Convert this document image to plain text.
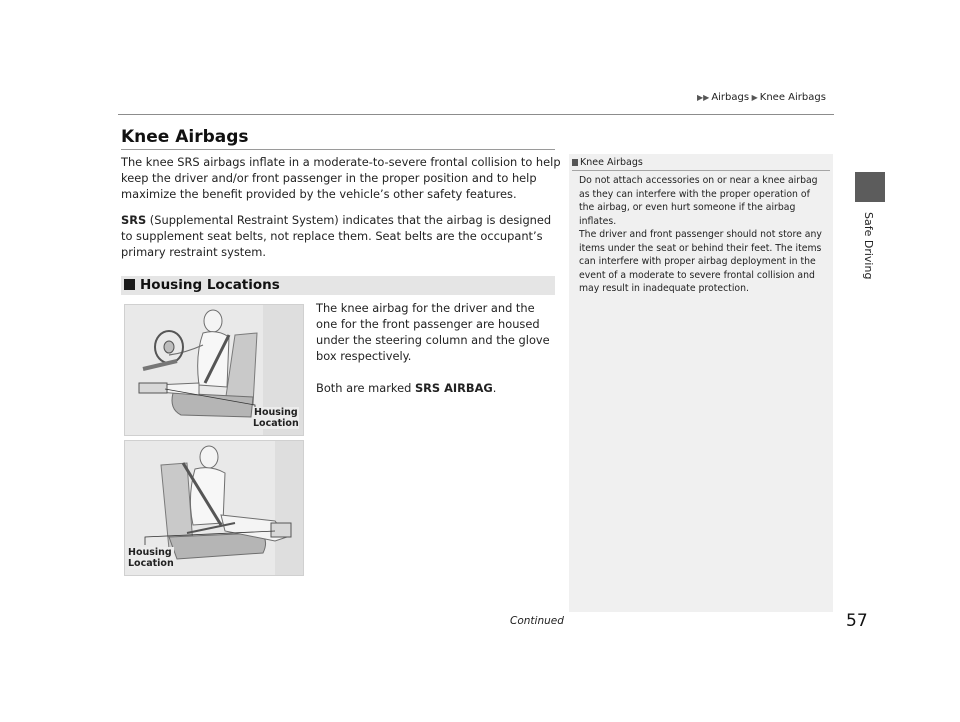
▶▶ Airbags ▶ Knee Airbags
Safe Driving
Knee Airbags
The knee SRS airbags inflate in a moderate-to-severe frontal collision to help keep the driver and/or front passenger in the proper position and to help maximize the benefit provided by the vehicle’s other safety features.
SRS (Supplemental Restraint System) indicates that the airbag is designed to supplement seat belts, not replace them. Seat belts are the occupant’s primary restraint system.
Housing Locations
The knee airbag for the driver and the one for the front passenger are housed under the steering column and the glove box respectively.
Both are marked SRS AIRBAG.
Housing
Location
Housing
Location
Knee Airbags
Do not attach accessories on or near a knee airbag as they can interfere with the proper operation of the airbag, or even hurt someone if the airbag inflates.
The driver and front passenger should not store any items under the seat or behind their feet. The items can interfere with proper airbag deployment in the event of a moderate to severe frontal collision and may result in inadequate protection.
Continued	57
